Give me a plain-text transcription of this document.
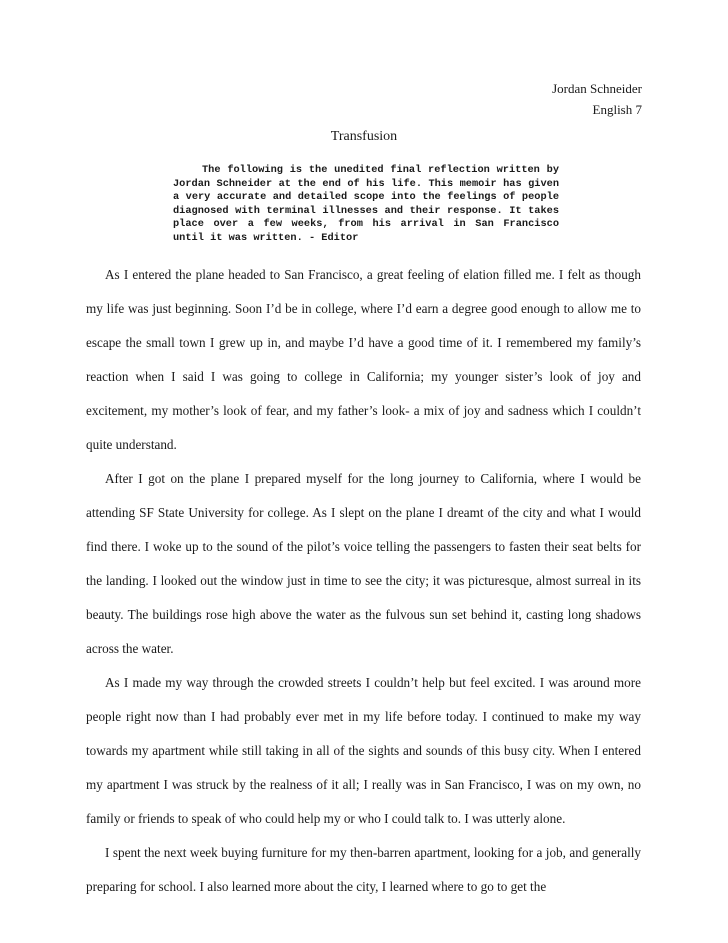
Jordan Schneider
English 7
Transfusion

The following is the unedited final reflection written by Jordan Schneider at the end of his life. This memoir has given a very accurate and detailed scope into the feelings of people diagnosed with terminal illnesses and their response. It takes place over a few weeks, from his arrival in San Francisco until it was written. - Editor

As I entered the plane headed to San Francisco, a great feeling of elation filled me. I felt as though my life was just beginning. Soon I’d be in college, where I’d earn a degree good enough to allow me to escape the small town I grew up in, and maybe I’d have a good time of it. I remembered my family’s reaction when I said I was going to college in California; my younger sister’s look of joy and excitement, my mother’s look of fear, and my father’s look- a mix of joy and sadness which I couldn’t quite understand.

After I got on the plane I prepared myself for the long journey to California, where I would be attending SF State University for college. As I slept on the plane I dreamt of the city and what I would find there. I woke up to the sound of the pilot’s voice telling the passengers to fasten their seat belts for the landing. I looked out the window just in time to see the city; it was picturesque, almost surreal in its beauty. The buildings rose high above the water as the fulvous sun set behind it, casting long shadows across the water.

As I made my way through the crowded streets I couldn’t help but feel excited. I was around more people right now than I had probably ever met in my life before today. I continued to make my way towards my apartment while still taking in all of the sights and sounds of this busy city. When I entered my apartment I was struck by the realness of it all; I really was in San Francisco, I was on my own, no family or friends to speak of who could help my or who I could talk to. I was utterly alone.

I spent the next week buying furniture for my then-barren apartment, looking for a job, and generally preparing for school. I also learned more about the city, I learned where to go to get the
